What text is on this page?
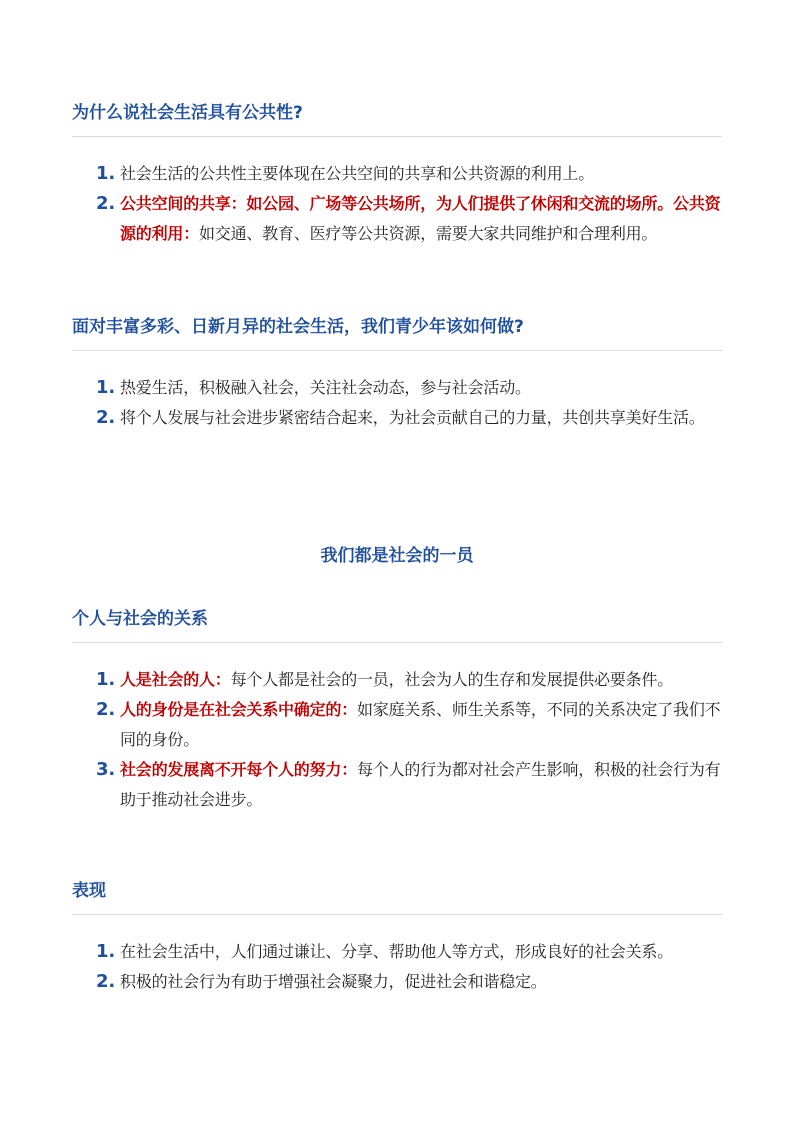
为什么说社会生活具有公共性?
1. 社会生活的公共性主要体现在公共空间的共享和公共资源的利用上。
2. 公共空间的共享：如公园、广场等公共场所，为人们提供了休闲和交流的场所。公共资源的利用：如交通、教育、医疗等公共资源，需要大家共同维护和合理利用。
面对丰富多彩、日新月异的社会生活，我们青少年该如何做?
1. 热爱生活，积极融入社会，关注社会动态，参与社会活动。
2. 将个人发展与社会进步紧密结合起来，为社会贡献自己的力量，共创共享美好生活。
我们都是社会的一员
个人与社会的关系
1. 人是社会的人：每个人都是社会的一员，社会为人的生存和发展提供必要条件。
2. 人的身份是在社会关系中确定的：如家庭关系、师生关系等，不同的关系决定了我们不同的身份。
3. 社会的发展离不开每个人的努力：每个人的行为都对社会产生影响，积极的社会行为有助于推动社会进步。
表现
1. 在社会生活中，人们通过谦让、分享、帮助他人等方式，形成良好的社会关系。
2. 积极的社会行为有助于增强社会凝聚力，促进社会和谐稳定。
